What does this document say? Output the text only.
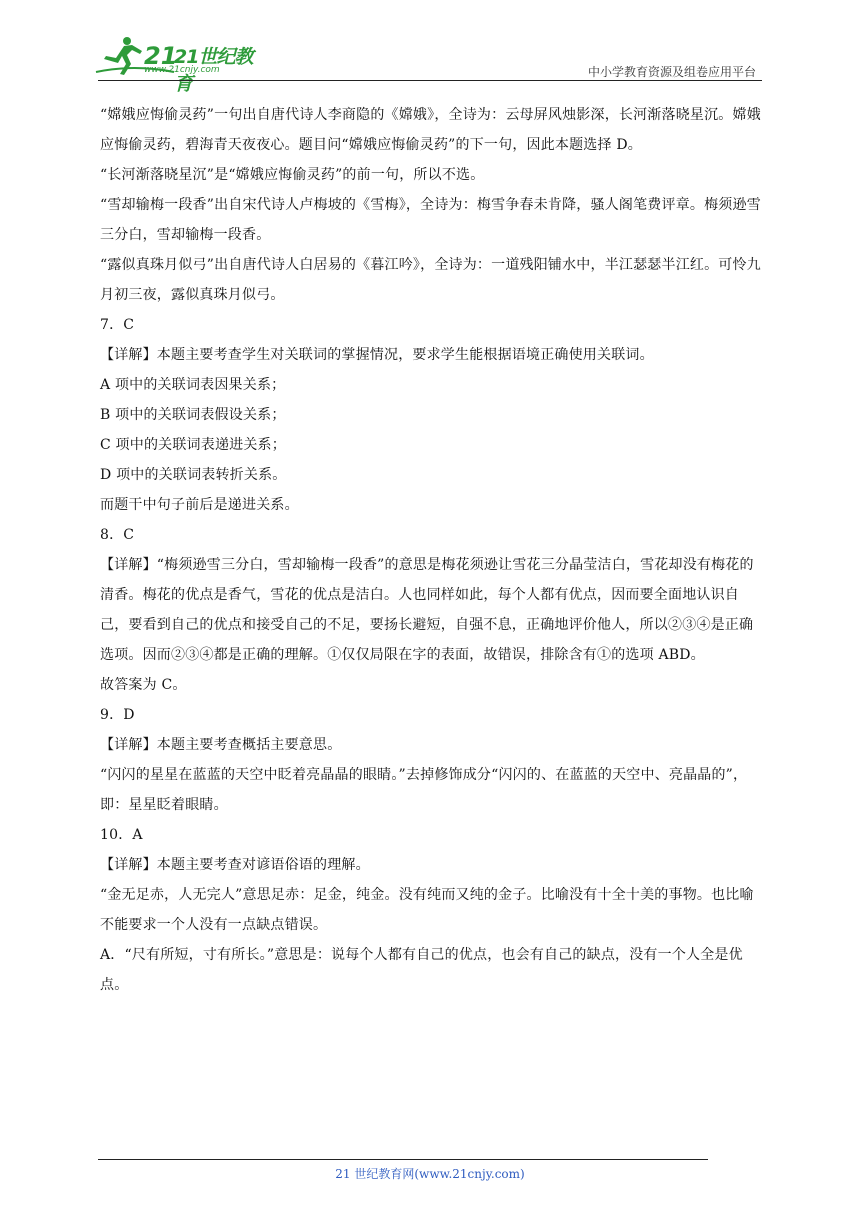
21
21世纪教育
www.21cnjy.com	中小学教育资源及组卷应用平台

“嫦娥应悔偷灵药”一句出自唐代诗人李商隐的《嫦娥》，全诗为：云母屏风烛影深，长河渐落晓星沉。嫦娥应悔偷灵药，碧海青天夜夜心。题目问“嫦娥应悔偷灵药”的下一句，因此本题选择 D。

“长河渐落晓星沉”是“嫦娥应悔偷灵药”的前一句，所以不选。

“雪却输梅一段香”出自宋代诗人卢梅坡的《雪梅》，全诗为：梅雪争春未肯降，骚人阁笔费评章。梅须逊雪三分白，雪却输梅一段香。

“露似真珠月似弓”出自唐代诗人白居易的《暮江吟》，全诗为：一道残阳铺水中，半江瑟瑟半江红。可怜九月初三夜，露似真珠月似弓。

7．C

【详解】本题主要考查学生对关联词的掌握情况，要求学生能根据语境正确使用关联词。

A 项中的关联词表因果关系；

B 项中的关联词表假设关系；

C 项中的关联词表递进关系；

D 项中的关联词表转折关系。

而题干中句子前后是递进关系。

8．C

【详解】“梅须逊雪三分白，雪却输梅一段香”的意思是梅花须逊让雪花三分晶莹洁白，雪花却没有梅花的清香。梅花的优点是香气，雪花的优点是洁白。人也同样如此，每个人都有优点，因而要全面地认识自己，要看到自己的优点和接受自己的不足，要扬长避短，自强不息，正确地评价他人，所以②③④是正确选项。因而②③④都是正确的理解。①仅仅局限在字的表面，故错误，排除含有①的选项 ABD。

故答案为 C。

9．D

【详解】本题主要考查概括主要意思。

“闪闪的星星在蓝蓝的天空中眨着亮晶晶的眼睛。”去掉修饰成分“闪闪的、在蓝蓝的天空中、亮晶晶的”，即：星星眨着眼睛。

10．A

【详解】本题主要考查对谚语俗语的理解。

“金无足赤，人无完人”意思足赤：足金，纯金。没有纯而又纯的金子。比喻没有十全十美的事物。也比喻不能要求一个人没有一点缺点错误。

A．“尺有所短，寸有所长。”意思是：说每个人都有自己的优点，也会有自己的缺点，没有一个人全是优点。

21 世纪教育网(www.21cnjy.com)
